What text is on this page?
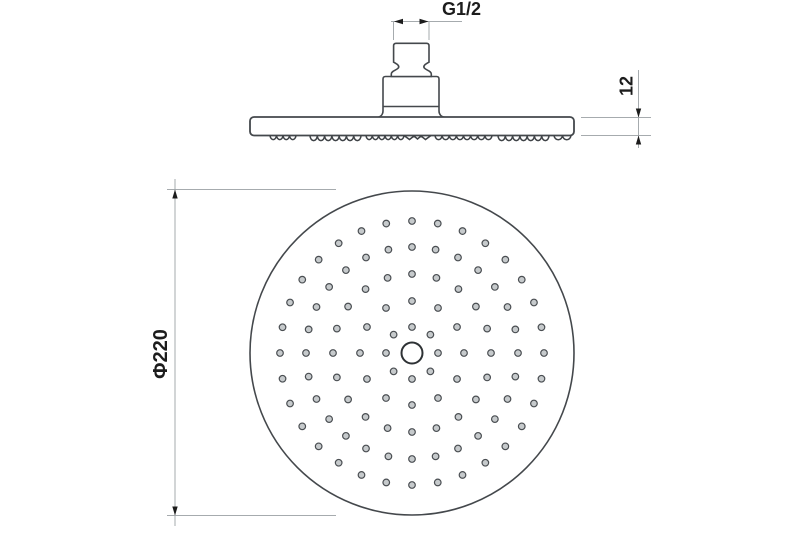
G1/2
12
Φ220
